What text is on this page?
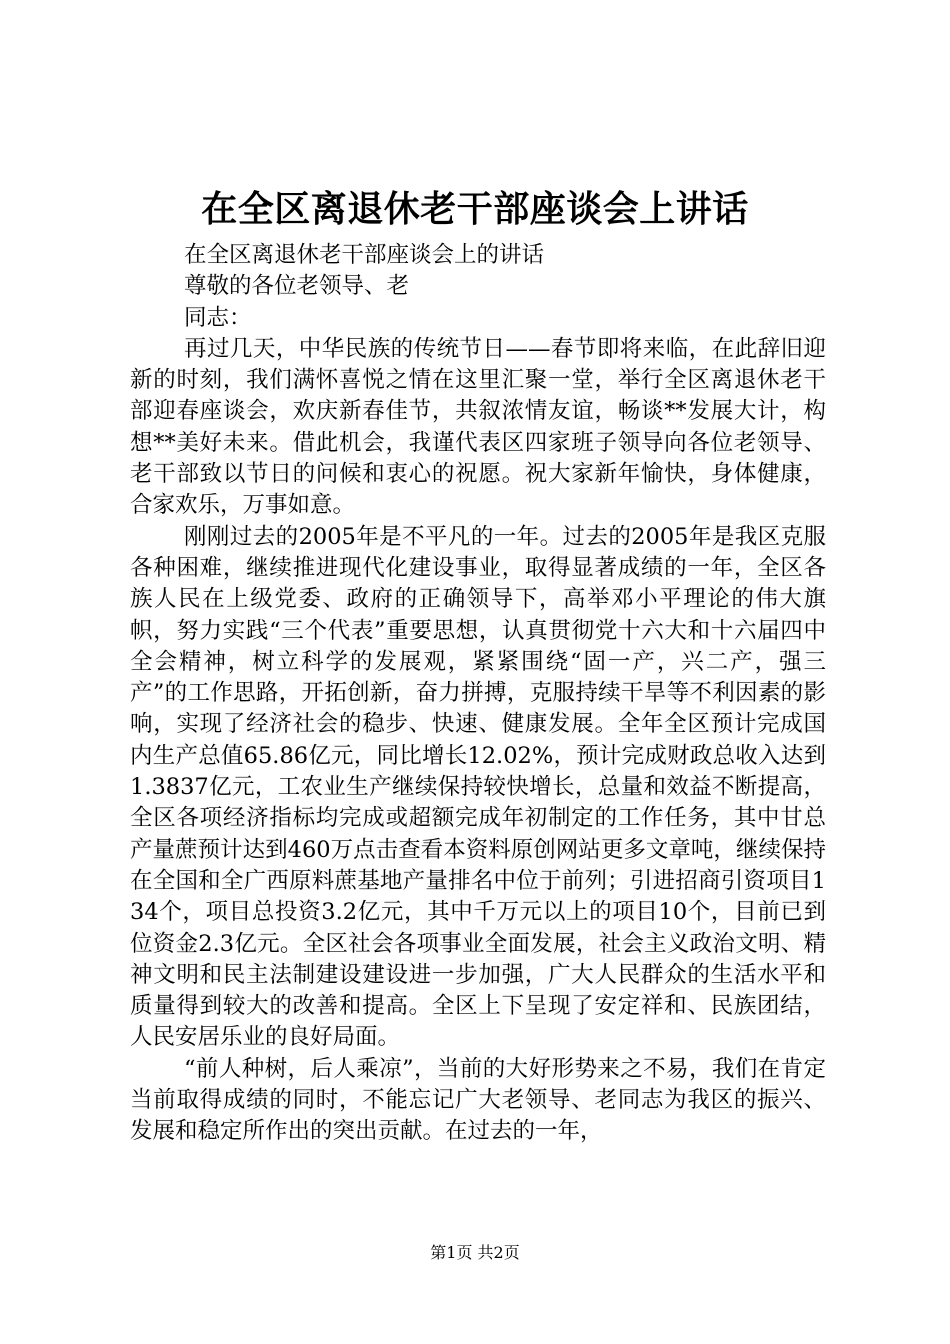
在全区离退休老干部座谈会上讲话

在全区离退休老干部座谈会上的讲话

尊敬的各位老领导、老

同志：

再过几天，中华民族的传统节日——春节即将来临，在此辞旧迎新的时刻，我们满怀喜悦之情在这里汇聚一堂，举行全区离退休老干部迎春座谈会，欢庆新春佳节，共叙浓情友谊，畅谈**发展大计，构想**美好未来。借此机会，我谨代表区四家班子领导向各位老领导、老干部致以节日的问候和衷心的祝愿。祝大家新年愉快，身体健康，合家欢乐，万事如意。

刚刚过去的2005年是不平凡的一年。过去的2005年是我区克服各种困难，继续推进现代化建设事业，取得显著成绩的一年，全区各族人民在上级党委、政府的正确领导下，高举邓小平理论的伟大旗帜，努力实践“三个代表”重要思想，认真贯彻党十六大和十六届四中全会精神，树立科学的发展观，紧紧围绕“固一产，兴二产，强三产”的工作思路，开拓创新，奋力拼搏，克服持续干旱等不利因素的影响，实现了经济社会的稳步、快速、健康发展。全年全区预计完成国内生产总值65.86亿元，同比增长12.02%，预计完成财政总收入达到1.3837亿元，工农业生产继续保持较快增长，总量和效益不断提高，全区各项经济指标均完成或超额完成年初制定的工作任务，其中甘总产量蔗预计达到460万点击查看本资料原创网站更多文章吨，继续保持在全国和全广西原料蔗基地产量排名中位于前列；引进招商引资项目134个，项目总投资3.2亿元，其中千万元以上的项目10个，目前已到位资金2.3亿元。全区社会各项事业全面发展，社会主义政治文明、精神文明和民主法制建设建设进一步加强，广大人民群众的生活水平和质量得到较大的改善和提高。全区上下呈现了安定祥和、民族团结，人民安居乐业的良好局面。

“前人种树，后人乘凉”，当前的大好形势来之不易，我们在肯定当前取得成绩的同时，不能忘记广大老领导、老同志为我区的振兴、发展和稳定所作出的突出贡献。在过去的一年，

第1页 共2页
